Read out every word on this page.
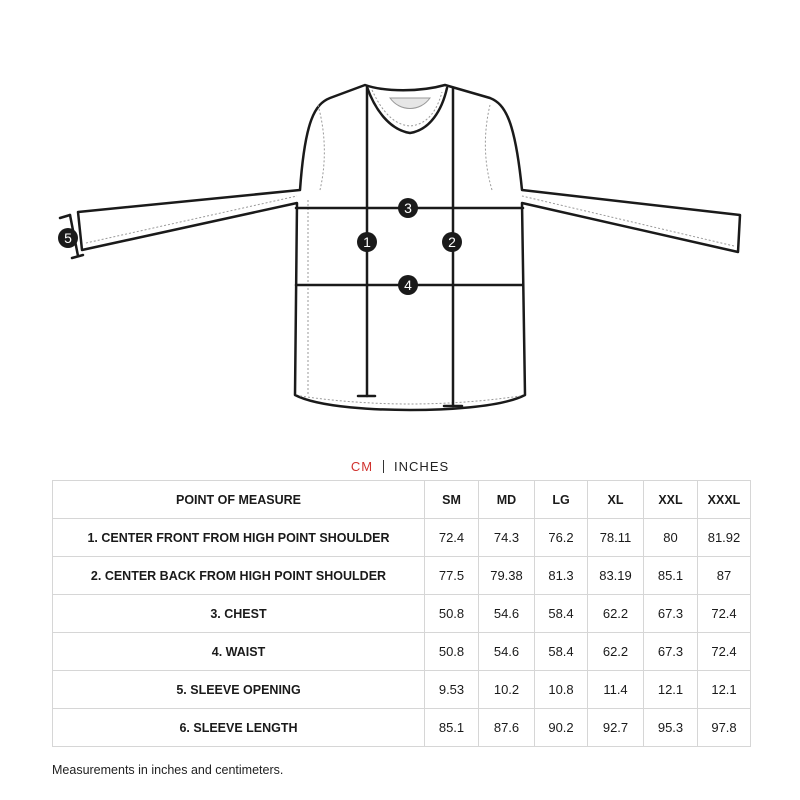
1	2
3
4
5
CM INCHES
POINT OF MEASURE	SM	MD	LG	XL	XXL	XXXL
1. CENTER FRONT FROM HIGH POINT SHOULDER	72.4	74.3	76.2	78.11	80	81.92
2. CENTER BACK FROM HIGH POINT SHOULDER	77.5	79.38	81.3	83.19	85.1	87
3. CHEST	50.8	54.6	58.4	62.2	67.3	72.4
4. WAIST	50.8	54.6	58.4	62.2	67.3	72.4
5. SLEEVE OPENING	9.53	10.2	10.8	11.4	12.1	12.1
6. SLEEVE LENGTH	85.1	87.6	90.2	92.7	95.3	97.8
Measurements in inches and centimeters.
